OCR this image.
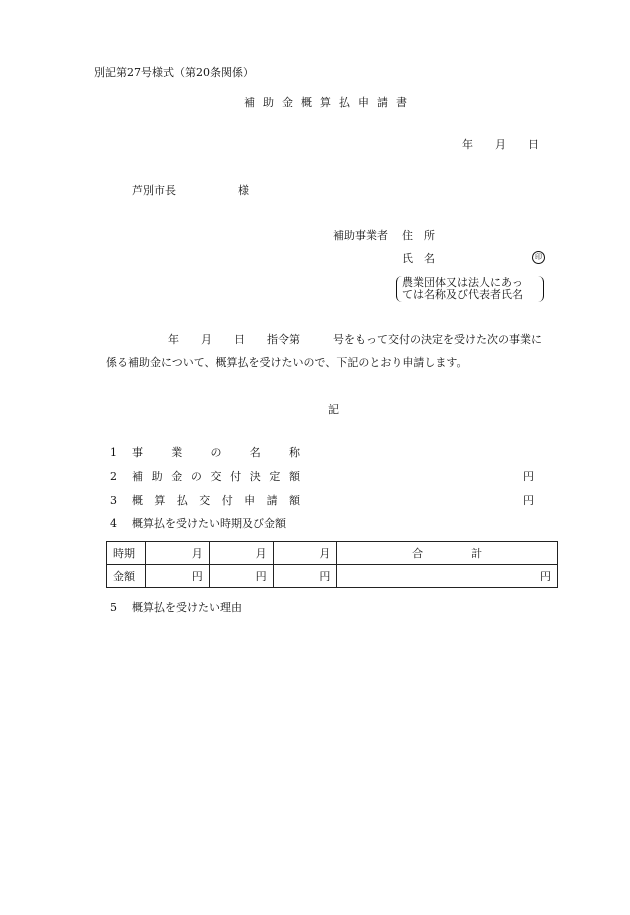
別記第27号様式（第20条関係）
補助金概算払申請書
年　　月　　日
芦別市長	様
補助事業者 住　所
氏　名	印
農業団体又は法人にあっ
ては名称及び代表者氏名
年　　月　　日　　指令第　　　号をもって交付の決定を受けた次の事業に
係る補助金について、概算払を受けたいので、下記のとおり申請します。
記
1 事業の名称
2 補助金の交付決定額	円
3 概算払交付申請額	円
4 概算払を受けたい時期及び金額
時期	月	月	月	合　　計
金額	円	円	円	円
5 概算払を受けたい理由
